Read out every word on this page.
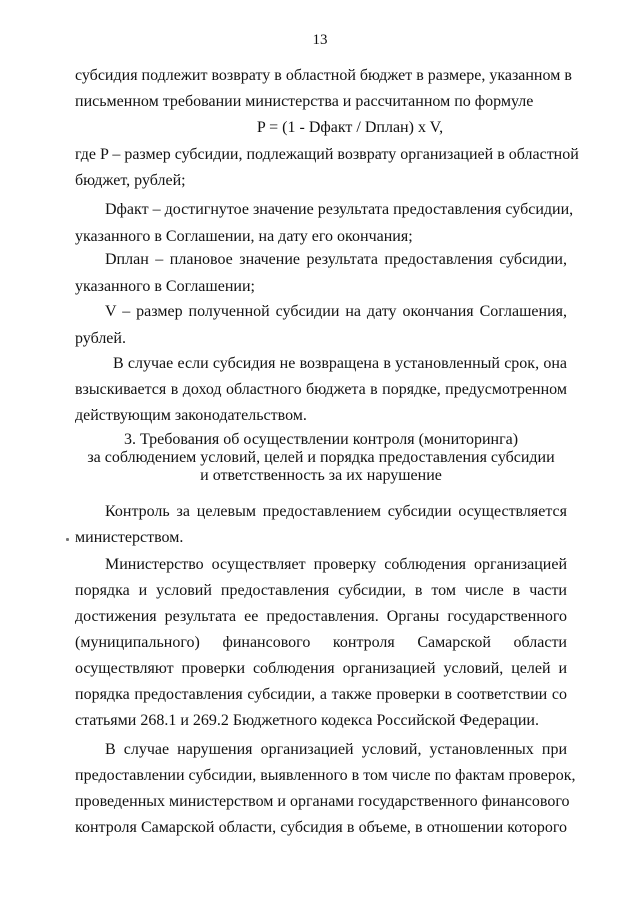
13
субсидия подлежит возврату в областной бюджет в размере, указанном в
письменном требовании министерства и рассчитанном по формуле
P = (1 - Dфакт / Dплан) x V,
где P – размер субсидии, подлежащий возврату организацией в областной
бюджет, рублей;
Dфакт – достигнутое значение результата предоставления субсидии,
указанного в Соглашении, на дату его окончания;
Dплан – плановое значение результата предоставления субсидии,
указанного в Соглашении;
V – размер полученной субсидии на дату окончания Соглашения,
рублей.
В случае если субсидия не возвращена в установленный срок, она
взыскивается в доход областного бюджета в порядке, предусмотренном
действующим законодательством.
3. Требования об осуществлении контроля (мониторинга)
за соблюдением условий, целей и порядка предоставления субсидии
и ответственность за их нарушение
Контроль за целевым предоставлением субсидии осуществляется
министерством.
Министерство осуществляет проверку соблюдения организацией
порядка и условий предоставления субсидии, в том числе в части
достижения результата ее предоставления. Органы государственного
(муниципального) финансового контроля Самарской области
осуществляют проверки соблюдения организацией условий, целей и
порядка предоставления субсидии, а также проверки в соответствии со
статьями 268.1 и 269.2 Бюджетного кодекса Российской Федерации.
В случае нарушения организацией условий, установленных при
предоставлении субсидии, выявленного в том числе по фактам проверок,
проведенных министерством и органами государственного финансового
контроля Самарской области, субсидия в объеме, в отношении которого
